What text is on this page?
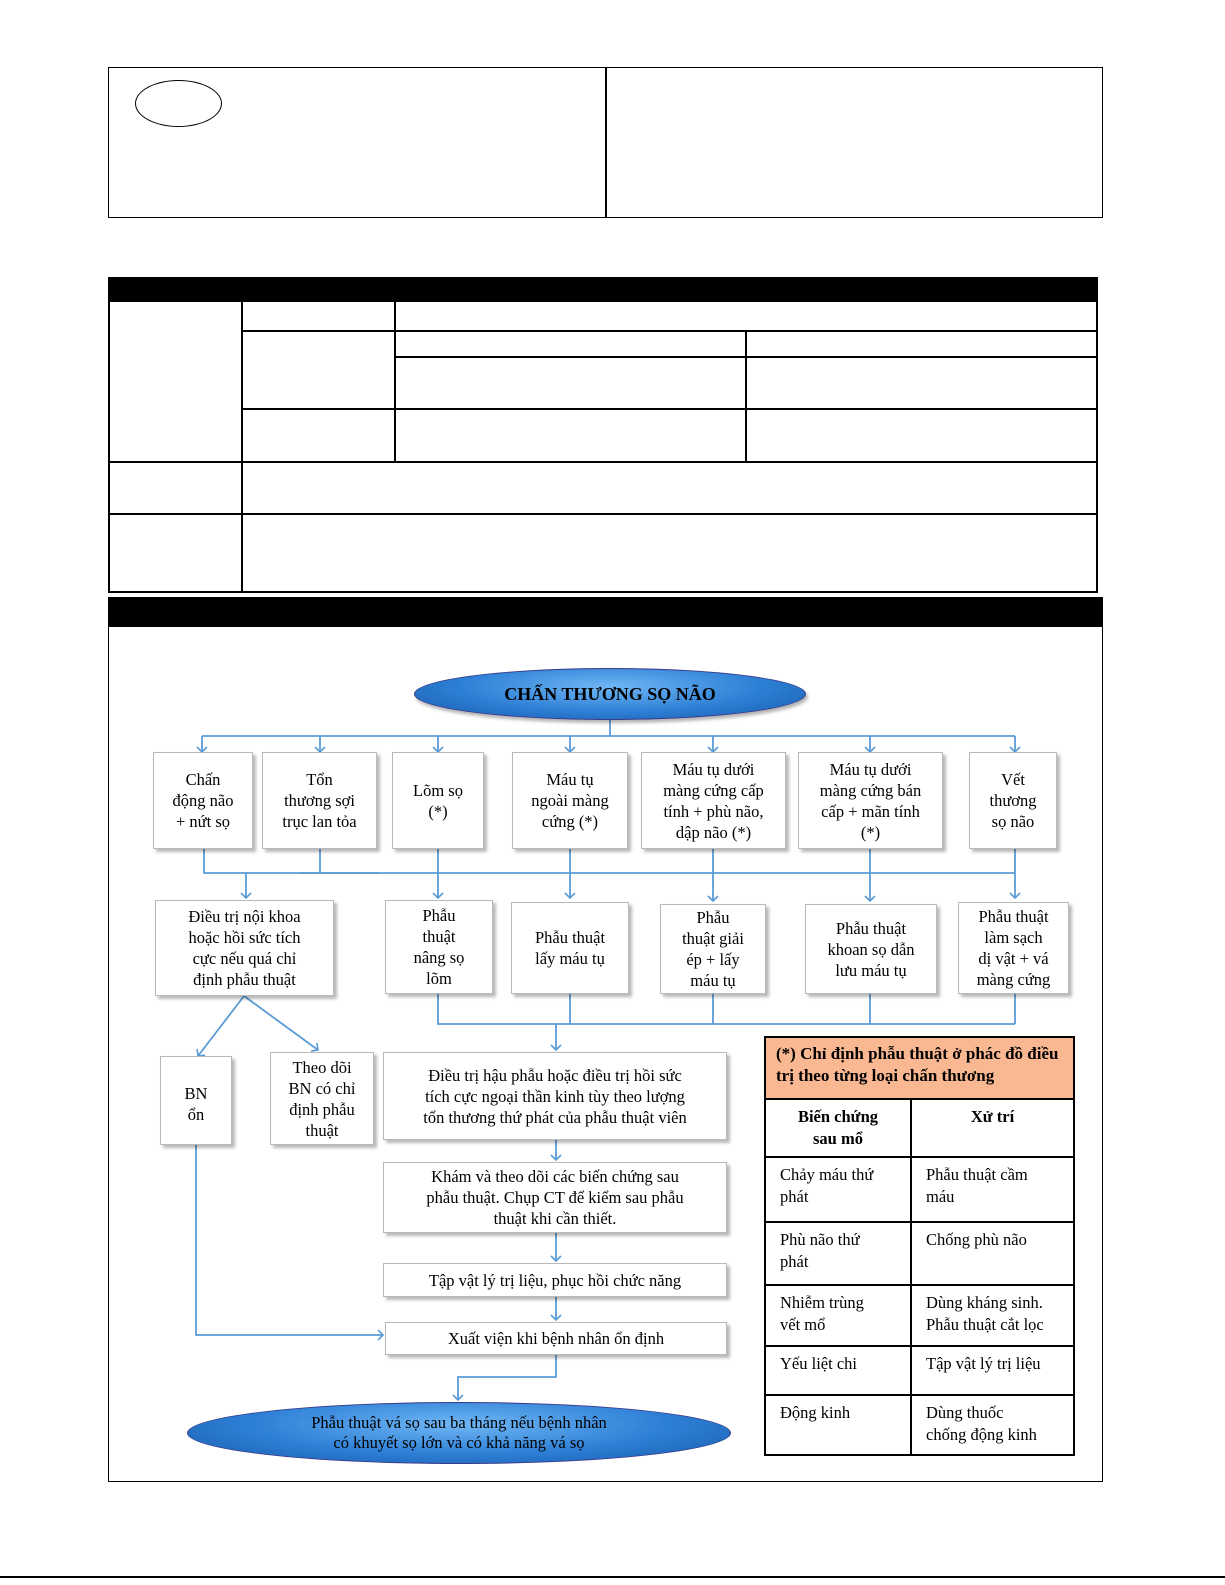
CHẤN THƯƠNG SỌ NÃO
Chấn
động não
+ nứt sọ
Tổn
thương sợi
trục lan tỏa
Lõm sọ
(*)
Máu tụ
ngoài màng
cứng (*)
Máu tụ dưới
màng cứng cấp
tính + phù não,
dập não (*)
Máu tụ dưới
màng cứng bán
cấp + mãn tính
(*)
Vết
thương
sọ não
Điều trị nội khoa
hoặc hồi sức tích
cực nếu quá chỉ
định phẫu thuật
Phẫu
thuật
nâng sọ
lõm
Phẫu thuật
lấy máu tụ
Phẫu
thuật giải
ép + lấy
máu tụ
Phẫu thuật
khoan sọ dẫn
lưu máu tụ
Phẫu thuật
làm sạch
dị vật + vá
màng cứng
BN
ổn
Theo dõi
BN có chỉ
định phẫu
thuật
Điều trị hậu phẫu hoặc điều trị hồi sức
tích cực ngoại thần kinh tùy theo lượng
tổn thương thứ phát của phẫu thuật viên
Khám và theo dõi các biến chứng sau
phẫu thuật. Chụp CT để kiểm sau phẫu
thuật khi cần thiết.
Tập vật lý trị liệu, phục hồi chức năng
Xuất viện khi bệnh nhân ổn định
Phẫu thuật vá sọ sau ba tháng nếu bệnh nhân
có khuyết sọ lớn và có khả năng vá sọ
(*) Chỉ định phẫu thuật ở phác đồ điều trị theo từng loại chấn thương
Biến chứng
sau mổ
Xử trí
Chảy máu thứ
phát
Phẫu thuật cầm
máu
Phù não thứ
phát
Chống phù não
Nhiễm trùng
vết mổ
Dùng kháng sinh.
Phẫu thuật cắt lọc
Yếu liệt chi	Tập vật lý trị liệu
Động kinh	Dùng thuốc
chống động kinh
